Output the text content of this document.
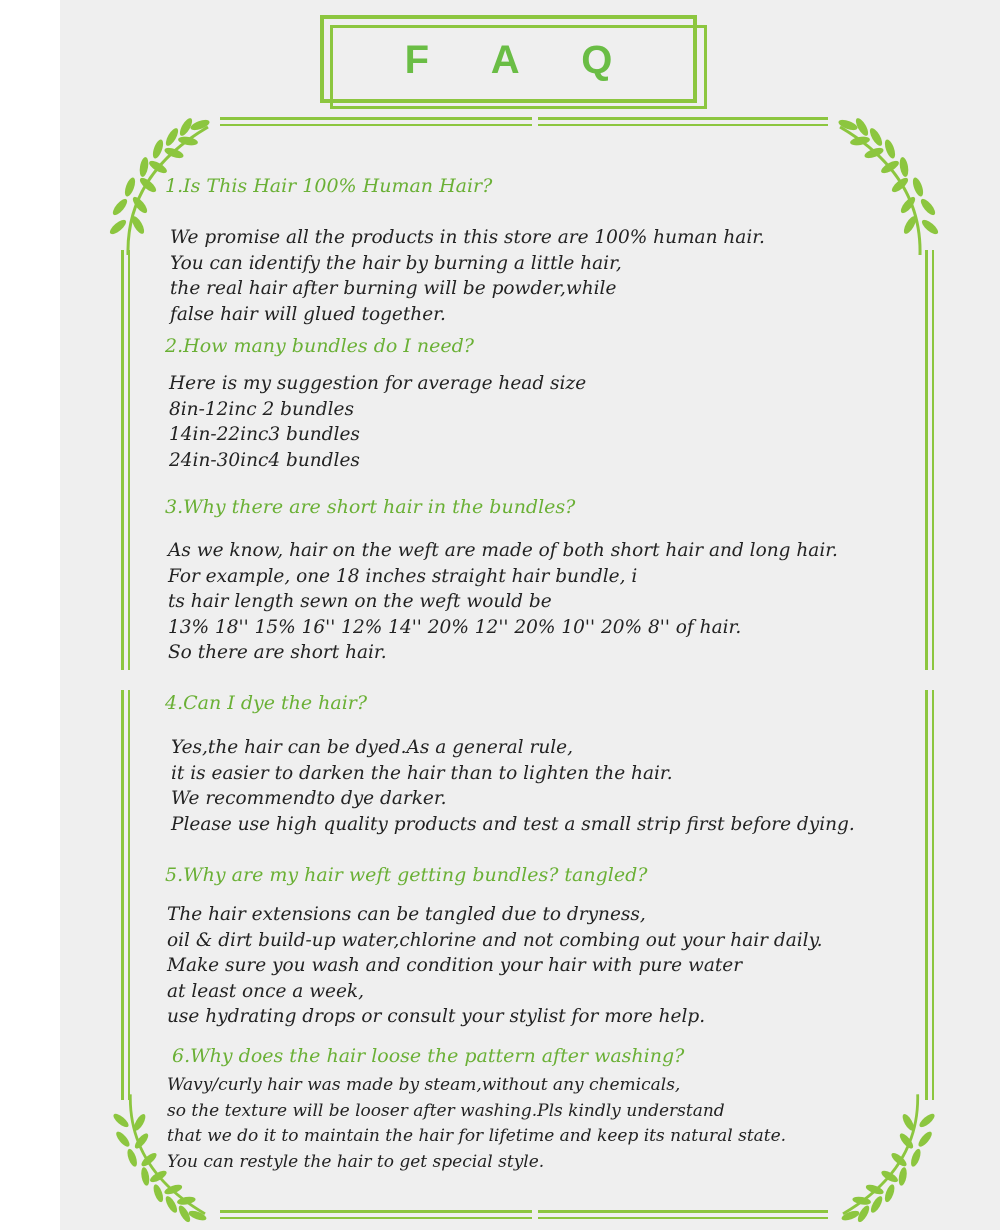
F A Q
1.Is This Hair 100% Human Hair?
We promise all the products in this store are 100% human hair.
You can identify the hair by burning a little hair,
the real hair after burning will be powder,while
false hair will glued together.
2.How many bundles do I need?
Here is my suggestion for average head size
8in-12inc 2 bundles
14in-22inc3 bundles
24in-30inc4 bundles
3.Why there are short hair in the bundles?
As we know, hair on the weft are made of both short hair and long hair.
For example, one 18 inches straight hair bundle, i
ts hair length sewn on the weft would be
13% 18'' 15% 16'' 12% 14'' 20% 12'' 20% 10'' 20% 8'' of hair.
So there are short hair.
4.Can I dye the hair?
Yes,the hair can be dyed.As a general rule,
it is easier to darken the hair than to lighten the hair.
We recommendto dye darker.
Please use high quality products and test a small strip first before dying.
5.Why are my hair weft getting bundles? tangled?
The hair extensions can be tangled due to dryness,
oil & dirt build-up water,chlorine and not combing out your hair daily.
Make sure you wash and condition your hair with pure water
at least once a week,
use hydrating drops or consult your stylist for more help.
6.Why does the hair loose the pattern after washing?
Wavy/curly hair was made by steam,without any chemicals,
so the texture will be looser after washing.Pls kindly understand
that we do it to maintain the hair for lifetime and keep its natural state.
You can restyle the hair to get special style.
